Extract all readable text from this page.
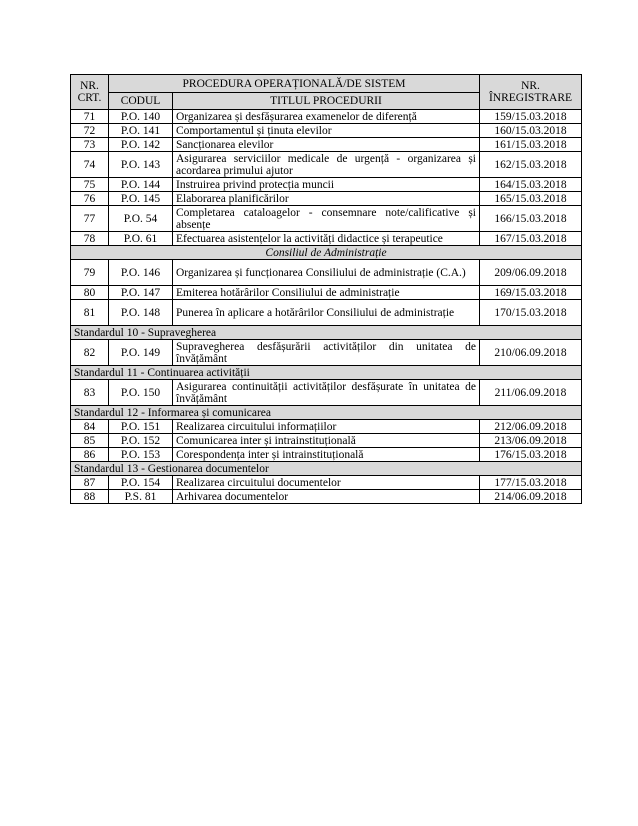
NR.
CRT.	PROCEDURA OPERAȚIONALĂ/DE SISTEM		NR.
ÎNREGISTRARE
	CODUL	TITLUL PROCEDURII	
71	P.O. 140	Organizarea și desfășurarea examenelor de diferență	159/15.03.2018
72	P.O. 141	Comportamentul și ținuta elevilor	160/15.03.2018
73	P.O. 142	Sancționarea elevilor	161/15.03.2018
74	P.O. 143	Asigurarea serviciilor medicale de urgență - organizarea și acordarea primului ajutor	162/15.03.2018
75	P.O. 144	Instruirea privind protecția muncii	164/15.03.2018
76	P.O. 145	Elaborarea planificărilor	165/15.03.2018
77	P.O. 54	Completarea cataloagelor - consemnare note/calificative și absențe	166/15.03.2018
78	P.O. 61	Efectuarea asistențelor la activități didactice și terapeutice	167/15.03.2018
Consiliul de Administrație			
79	P.O. 146	Organizarea și funcționarea Consiliului de administrație (C.A.)	209/06.09.2018
80	P.O. 147	Emiterea hotărârilor Consiliului de administrație	169/15.03.2018
81	P.O. 148	Punerea în aplicare a hotărârilor Consiliului de administrație	170/15.03.2018
Standardul 10 - Supravegherea			
82	P.O. 149	Supravegherea desfășurării activităților din unitatea de învățământ	210/06.09.2018
Standardul 11 - Continuarea activității			
83	P.O. 150	Asigurarea continuității activităților desfășurate în unitatea de învățământ	211/06.09.2018
Standardul 12 - Informarea și comunicarea			
84	P.O. 151	Realizarea circuitului informațiilor	212/06.09.2018
85	P.O. 152	Comunicarea inter și intrainstituțională	213/06.09.2018
86	P.O. 153	Corespondența inter și intrainstituțională	176/15.03.2018
Standardul 13 - Gestionarea documentelor			
87	P.O. 154	Realizarea circuitului documentelor	177/15.03.2018
88	P.S. 81	Arhivarea documentelor	214/06.09.2018
